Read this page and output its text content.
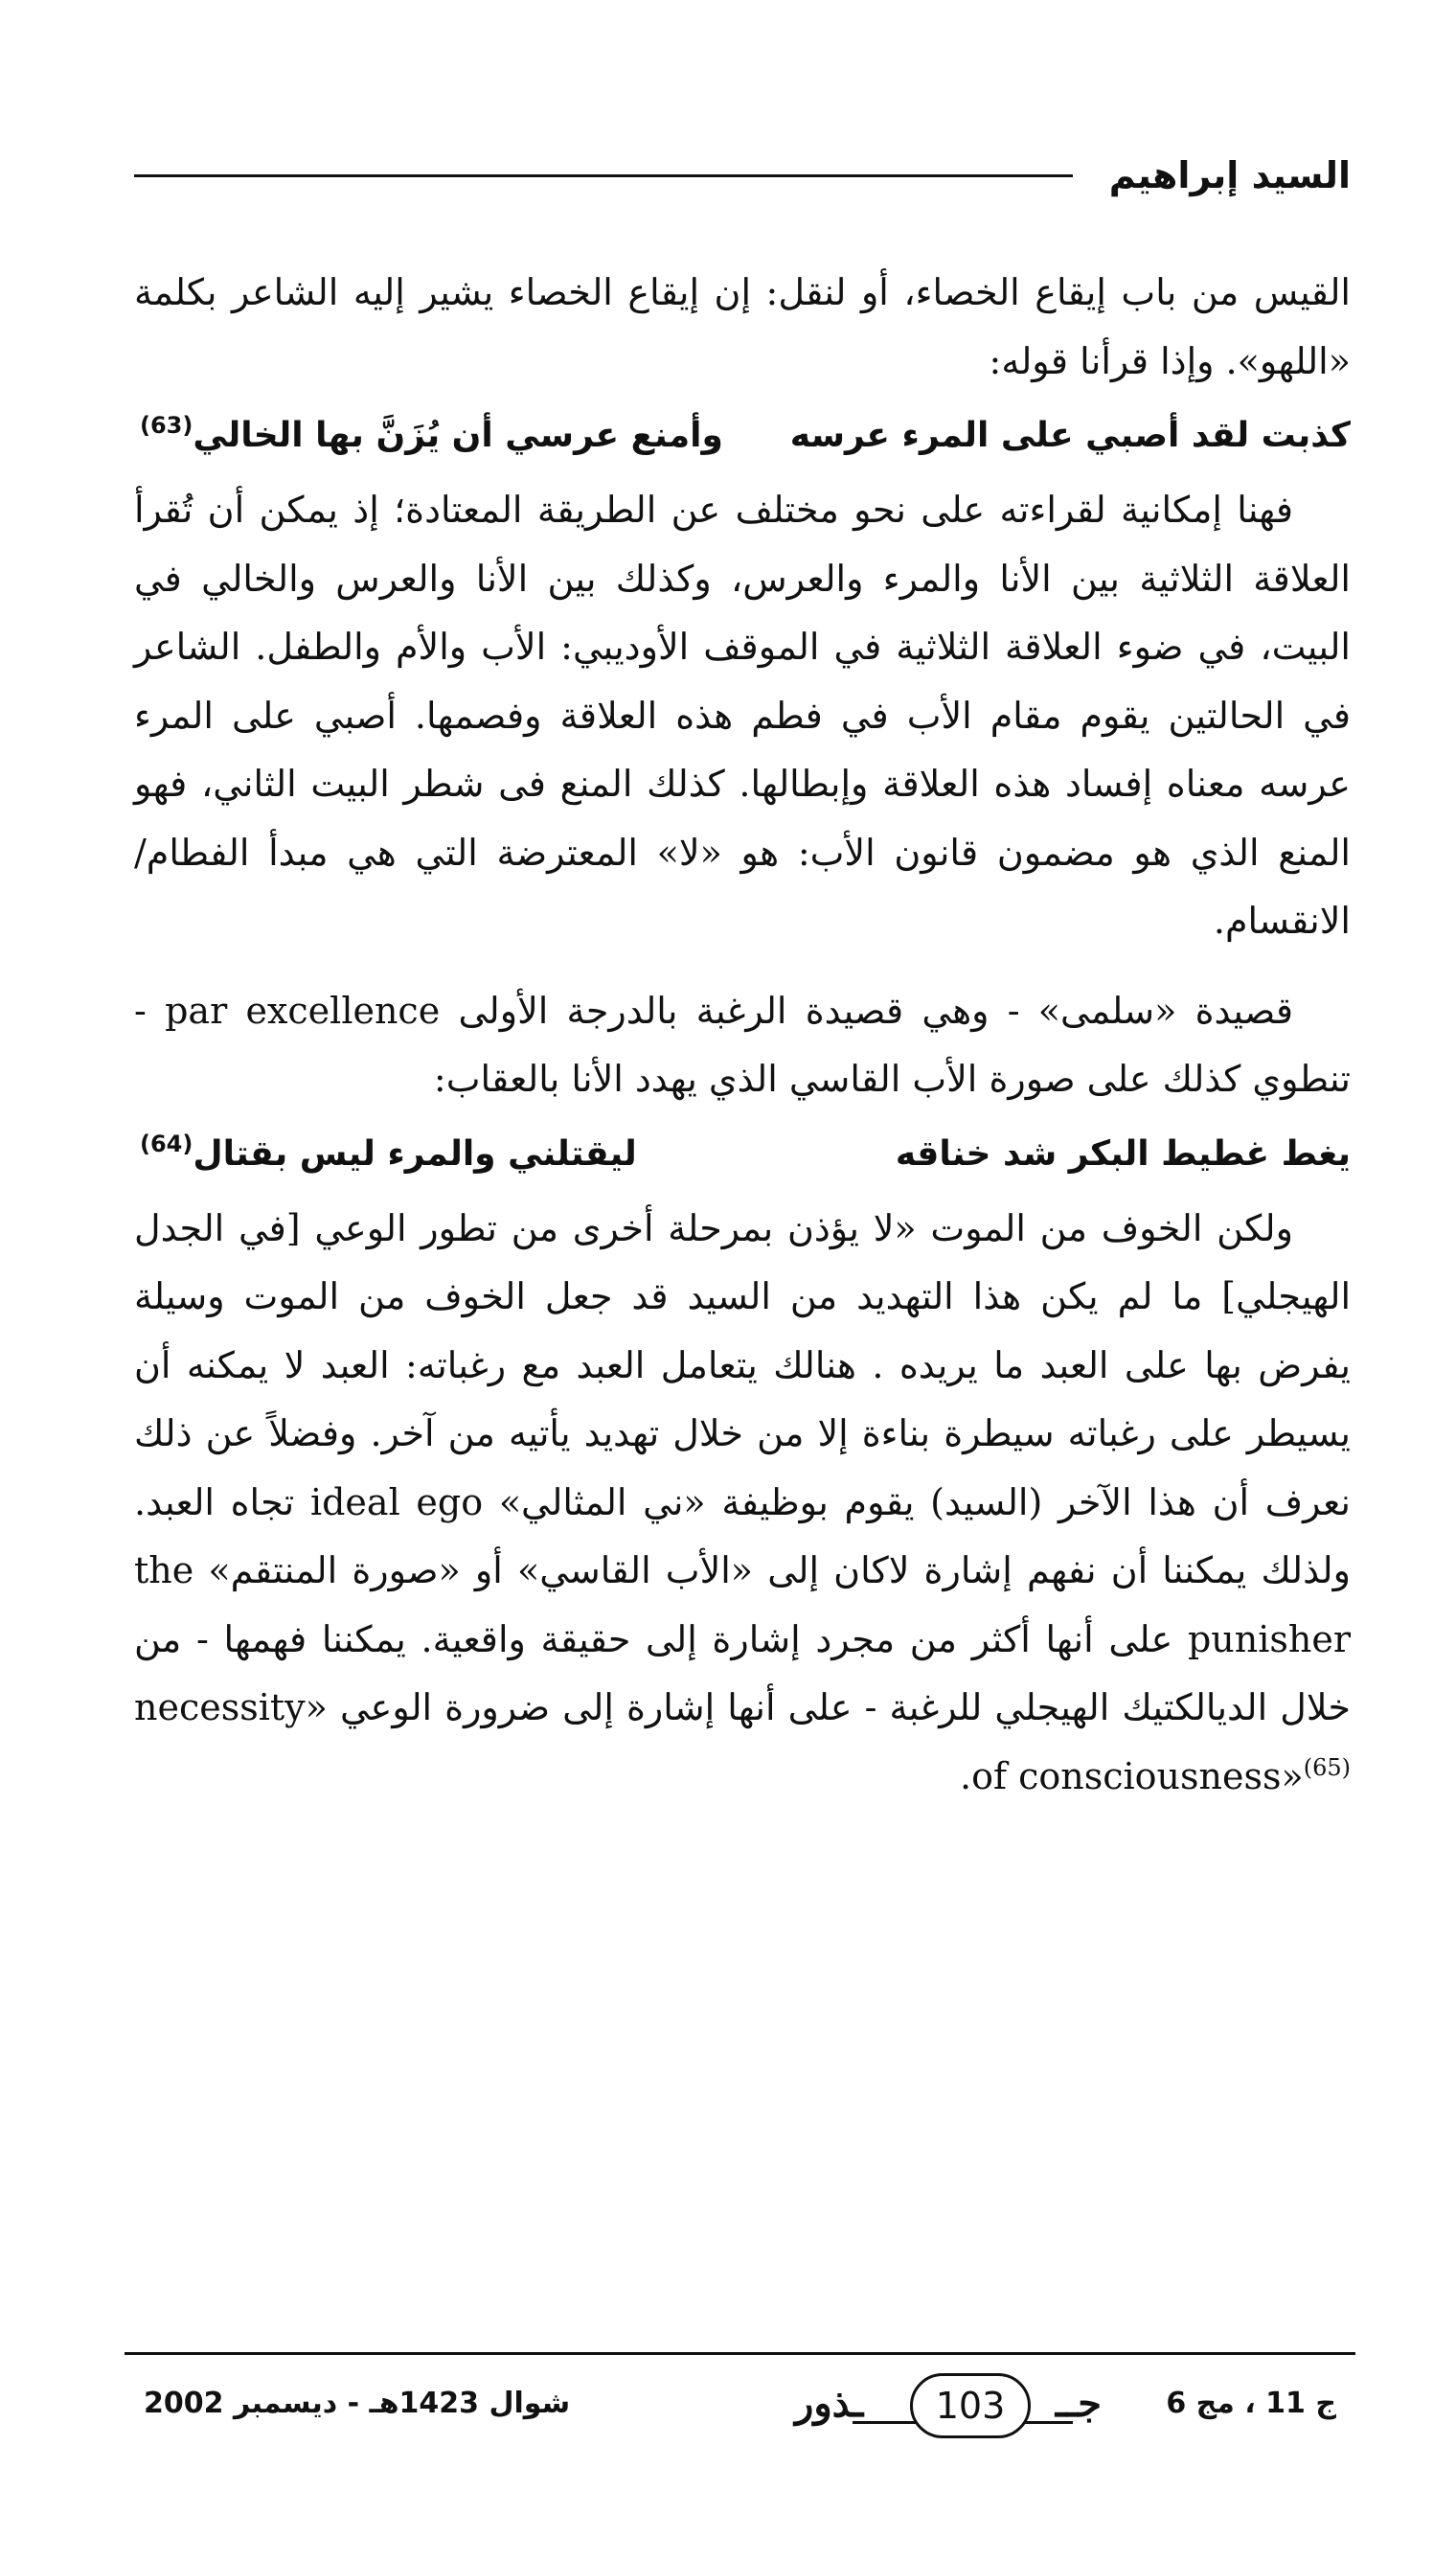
السيد إبراهيم

القيس من باب إيقاع الخصاء، أو لنقل: إن إيقاع الخصاء يشير إليه الشاعر بكلمة «اللهو». وإذا قرأنا قوله:

كذبت لقد أصبي على المرء عرسه
وأمنع عرسي أن يُزَنَّ بها الخالي$^{(63)}$

فهنا إمكانية لقراءته على نحو مختلف عن الطريقة المعتادة؛ إذ يمكن أن تُقرأ العلاقة الثلاثية بين الأنا والمرء والعرس، وكذلك بين الأنا والعرس والخالي في البيت، في ضوء العلاقة الثلاثية في الموقف الأوديبي: الأب والأم والطفل. الشاعر في الحالتين يقوم مقام الأب في فطم هذه العلاقة وفصمها. أصبي على المرء عرسه معناه إفساد هذه العلاقة وإبطالها. كذلك المنع فى شطر البيت الثاني، فهو المنع الذي هو مضمون قانون الأب: هو «لا» المعترضة التي هي مبدأ الفطام/ الانقسام.

قصيدة «سلمى» - وهي قصيدة الرغبة بالدرجة الأولى par excellence - تنطوي كذلك على صورة الأب القاسي الذي يهدد الأنا بالعقاب:

يغط غطيط البكر شد خناقه
ليقتلني والمرء ليس بقتال$^{(64)}$

ولكن الخوف من الموت «لا يؤذن بمرحلة أخرى من تطور الوعي [في الجدل الهيجلي] ما لم يكن هذا التهديد من السيد قد جعل الخوف من الموت وسيلة يفرض بها على العبد ما يريده . هنالك يتعامل العبد مع رغباته: العبد لا يمكنه أن يسيطر على رغباته سيطرة بناءة إلا من خلال تهديد يأتيه من آخر. وفضلاً عن ذلك نعرف أن هذا الآخر (السيد) يقوم بوظيفة «ني المثالي» ideal ego تجاه العبد. ولذلك يمكننا أن نفهم إشارة لاكان إلى «الأب القاسي» أو «صورة المنتقم» the punisher على أنها أكثر من مجرد إشارة إلى حقيقة واقعية. يمكننا فهمها - من خلال الديالكتيك الهيجلي للرغبة - على أنها إشارة إلى ضرورة الوعي «necessity of consciousness»$^{(65)}$.

شوال 1423هـ - ديسمبر 2002	ـذور	103	جــ ج 11 ، مج 6
